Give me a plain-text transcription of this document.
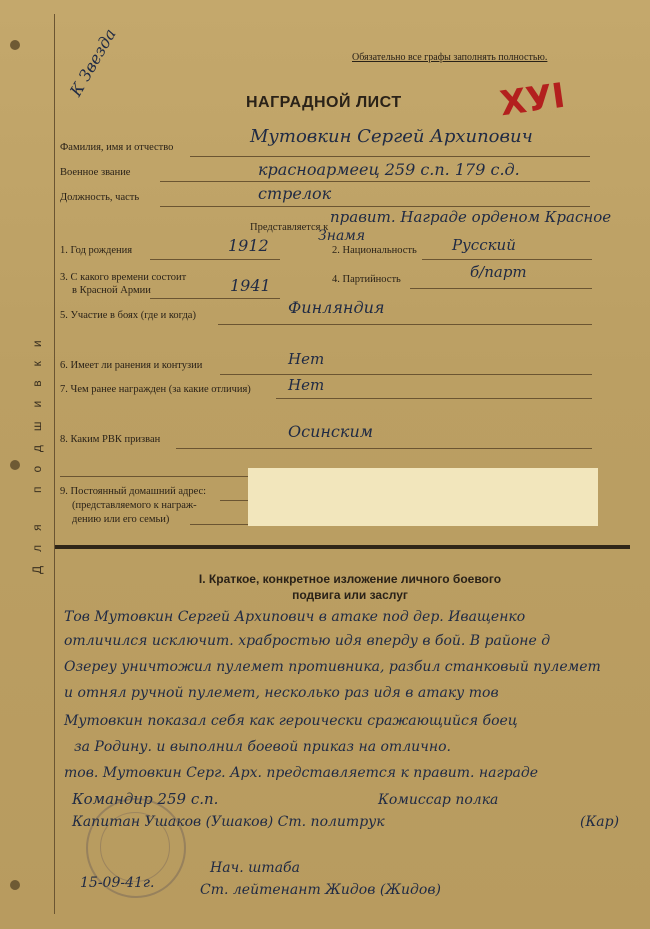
Для подшивки
К Звезда	Обязательно все графы заполнять полностью.
НАГРАДНОЙ ЛИСТ	ХУI
Фамилия, имя и отчество
Мутовкин Сергей Архипович
Военное звание	красноармеец 259 с.п. 179 с.д.
Должность, часть	стрелок
Представляется к
правит. Награде орденом Красное
Знамя
1. Год рождения	1912	2. Национальность Русский
3. С какого времени состоит
в Красной Армии	1941	4. Партийность	б/парт
5. Участие в боях (где и когда)	Финляндия
6. Имеет ли ранения и контузии	Нет
7. Чем ранее награжден (за какие отличия) Нет
8. Каким РВК призван	Осинским
9. Постоянный домашний адрес:
(представляемого к награж-
дению или его семьи)
I. Краткое, конкретное изложение личного боевого
подвига или заслуг
Тов Мутовкин Сергей Архипович в атаке под дер. Иващенко
отличился исключит. храбростью идя вперду в бой. В районе д
Озереу уничтожил пулемет противника, разбил станковый пулемет
и отнял ручной пулемет, несколько раз идя в атаку тов
Мутовкин показал себя как героически сражающийся боец
за Родину. и выполнил боевой приказ на отлично.
тов. Мутовкин Серг. Арх. представляется к правит. награде
Командир 259 с.п.	Комиссар полка
Капитан Ушаков (Ушаков) Ст. политрук	(Кар)
Нач. штаба
15-09-41г.	Ст. лейтенант Жидов (Жидов)
